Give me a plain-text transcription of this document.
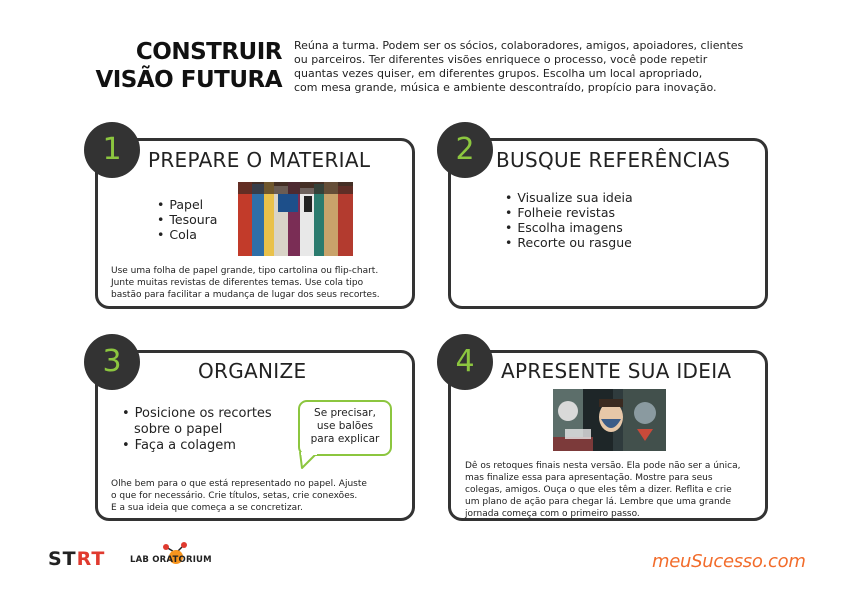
CONSTRUIR
VISÃO FUTURA
Reúna a turma. Podem ser os sócios, colaboradores, amigos, apoiadores, clientes
ou parceiros. Ter diferentes visões enriquece o processo, você pode repetir
quantas vezes quiser, em diferentes grupos. Escolha um local apropriado,
com mesa grande, música e ambiente descontraído, propício para inovação.
1	PREPARE O MATERIAL
• Papel
• Tesoura
• Cola
Use uma folha de papel grande, tipo cartolina ou flip-chart.
Junte muitas revistas de diferentes temas. Use cola tipo
bastão para facilitar a mudança de lugar dos seus recortes.
2	BUSQUE REFERÊNCIAS
• Visualize sua ideia
• Folheie revistas
• Escolha imagens
• Recorte ou rasgue
3	ORGANIZE
• Posicione os recortes
sobre o papel
• Faça a colagem
Se precisar,
use balões
para explicar
Olhe bem para o que está representado no papel. Ajuste
o que for necessário. Crie títulos, setas, crie conexões.
E a sua ideia que começa a se concretizar.
4	APRESENTE SUA IDEIA
Dê os retoques finais nesta versão. Ela pode não ser a única,
mas finalize essa para apresentação. Mostre para seus
colegas, amigos. Ouça o que eles têm a dizer. Reflita e crie
um plano de ação para chegar lá. Lembre que uma grande
jornada começa com o primeiro passo.
STRT	LAB ORATORIUM	meuSucesso.com
